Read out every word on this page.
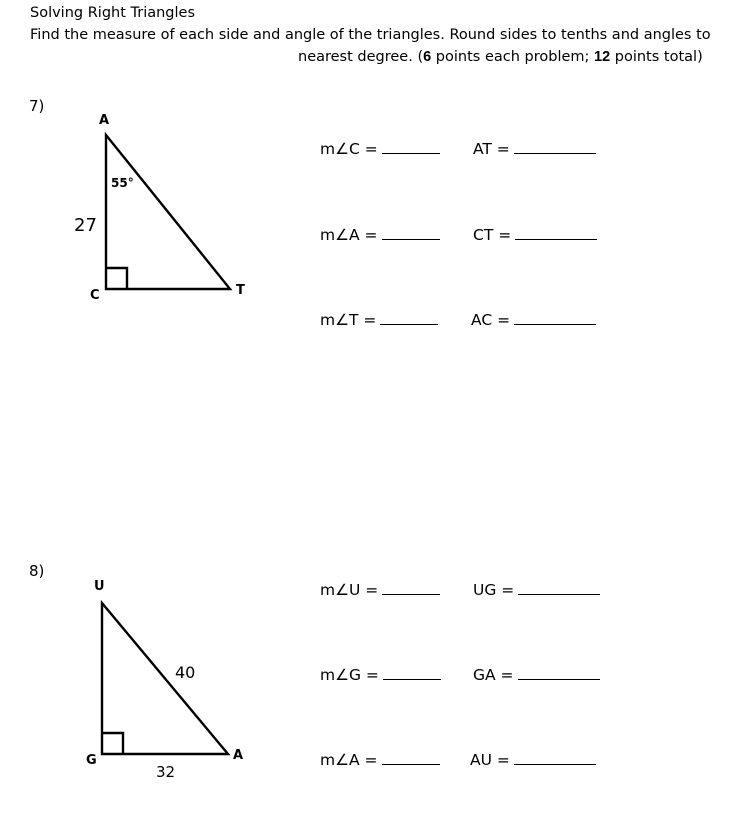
Solving Right Triangles
Find the measure of each side and angle of the triangles. Round sides to tenths and angles to
nearest degree. (6 points each problem; 12 points total)
7)
A
C	T
55°
27
m∠C =	AT =
m∠A =	CT =
m∠T =	AC =
8)
U
G	A
40
32
m∠U =	UG =
m∠G =	GA =
m∠A =	AU =
